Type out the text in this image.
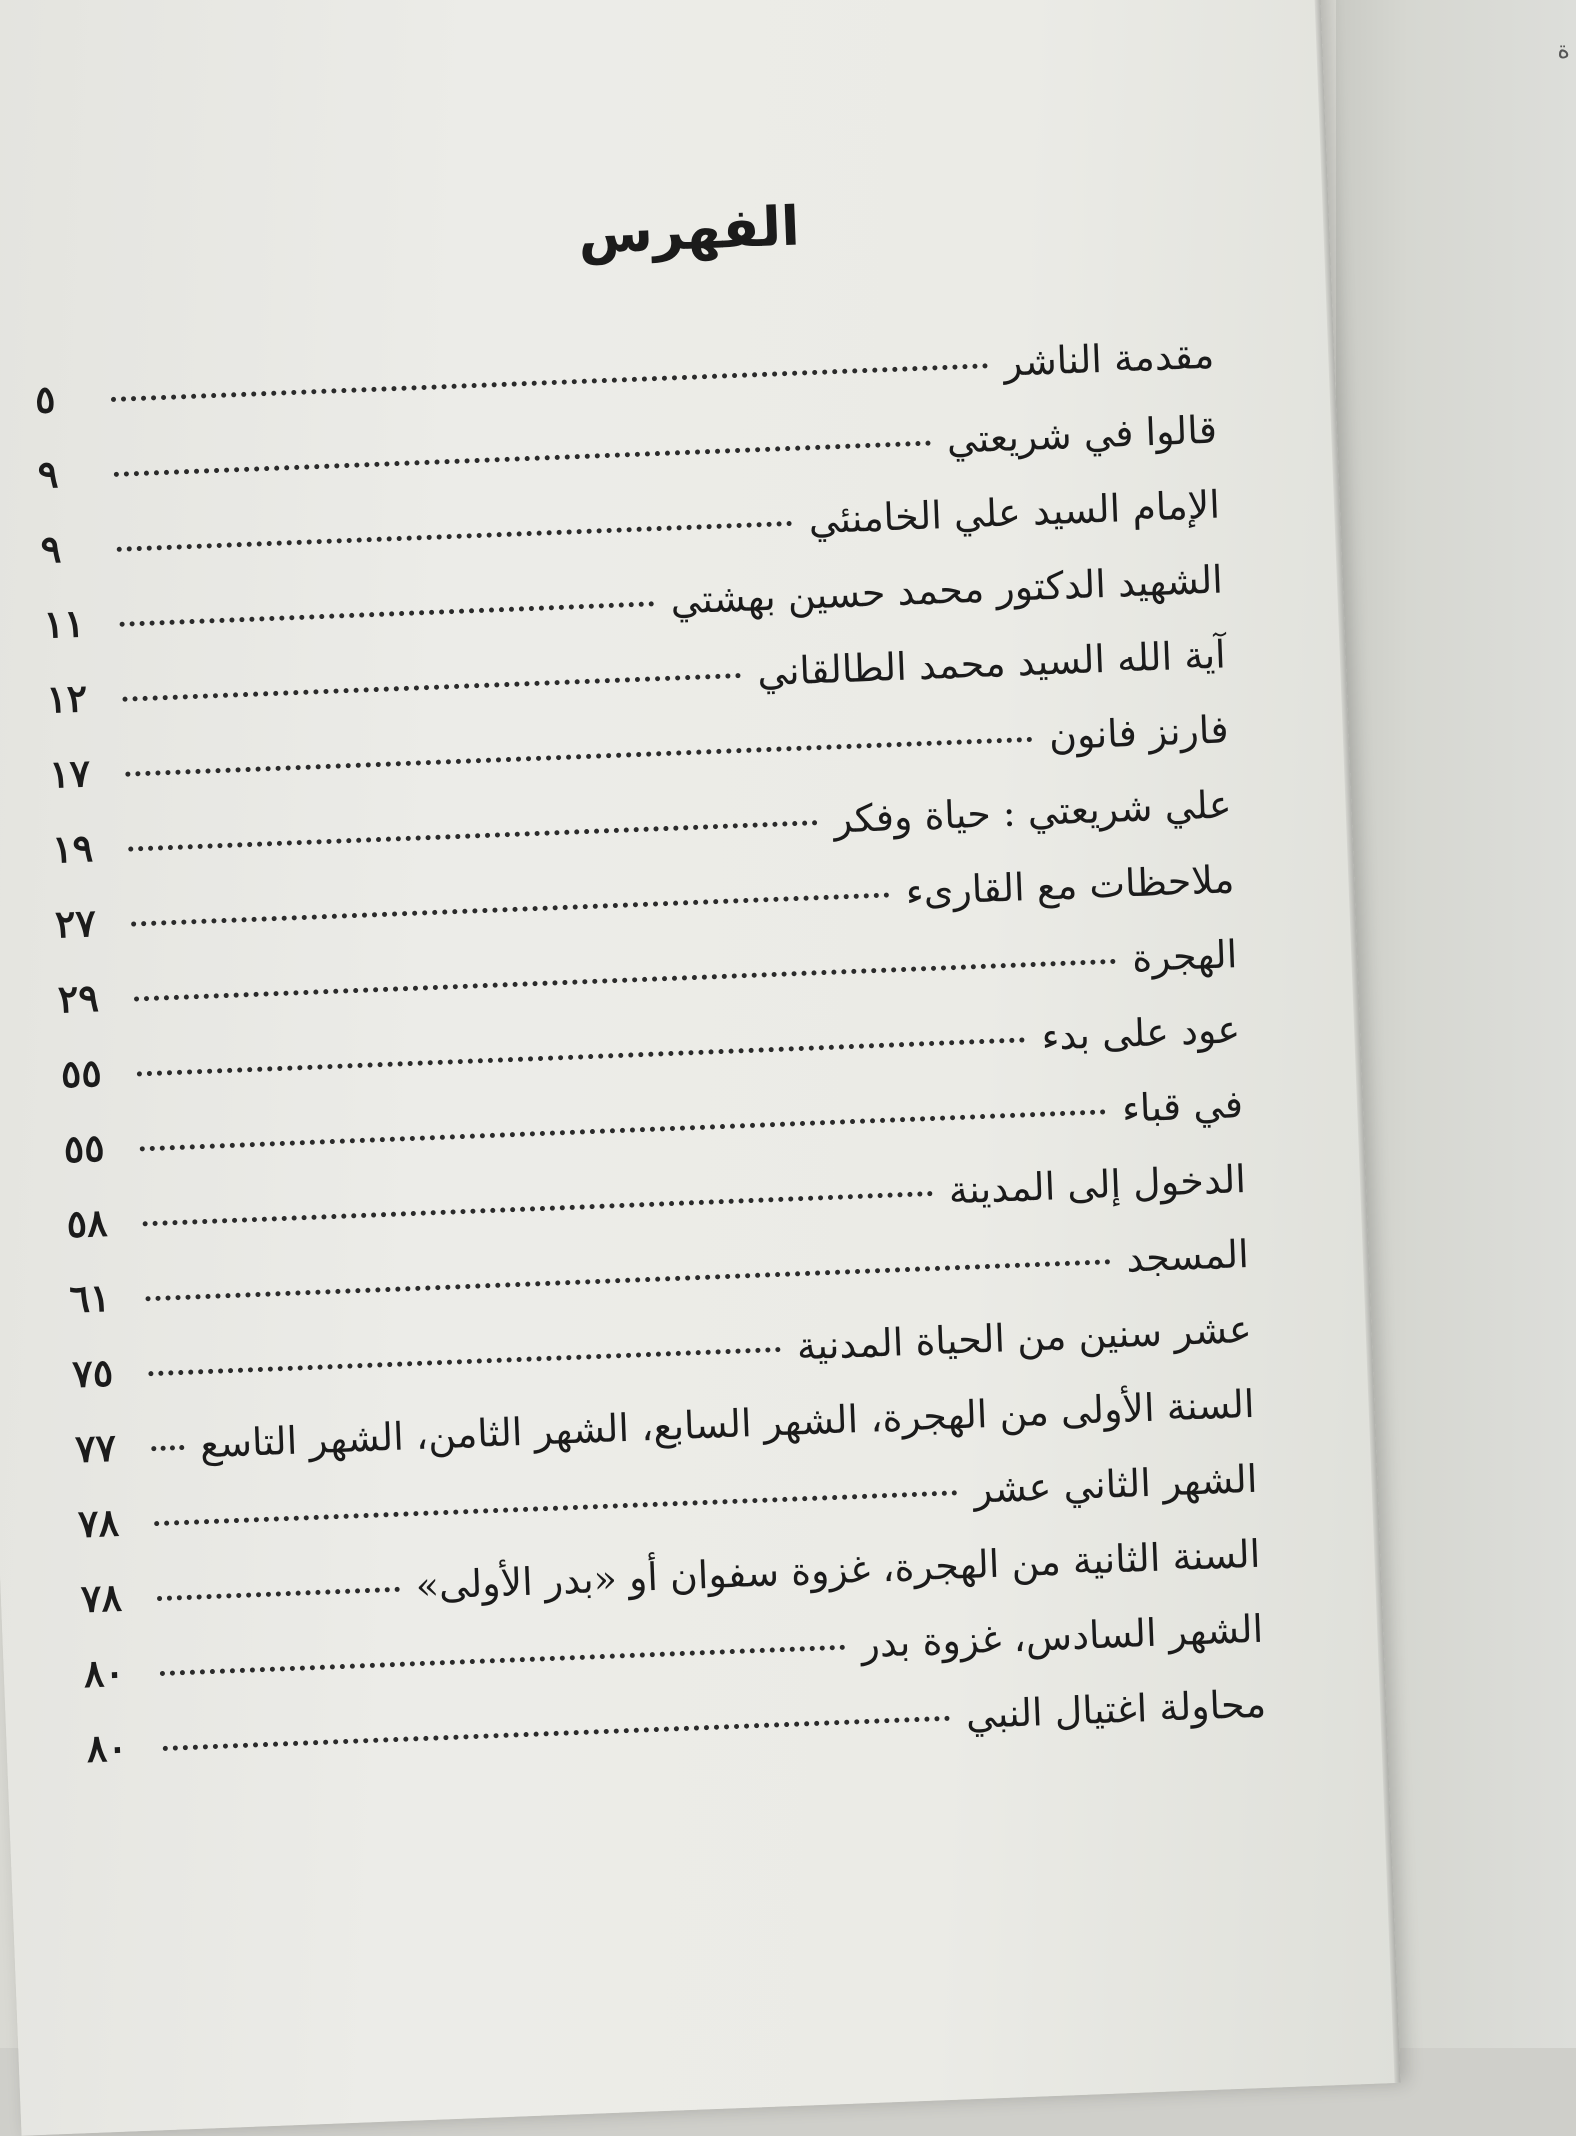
ة
الفهرس
مقدمة الناشر
٥
قالوا في شريعتي
٩
الإمام السيد علي الخامنئي
٩
الشهيد الدكتور محمد حسين بهشتي
١١
آية الله السيد محمد الطالقاني
١٢
فارنز فانون
١٧
علي شريعتي : حياة وفكر
١٩
ملاحظات مع القارىء
٢٧
الهجرة
٢٩
عود على بدء
٥٥
في قباء
٥٥
الدخول إلى المدينة
٥٨
المسجد
٦١
عشر سنين من الحياة المدنية
٧٥
السنة الأولى من الهجرة، الشهر السابع، الشهر الثامن، الشهر التاسع
٧٧
الشهر الثاني عشر
٧٨
السنة الثانية من الهجرة، غزوة سفوان أو «بدر الأولى»
٧٨
الشهر السادس، غزوة بدر
٨٠
محاولة اغتيال النبي
٨٠
